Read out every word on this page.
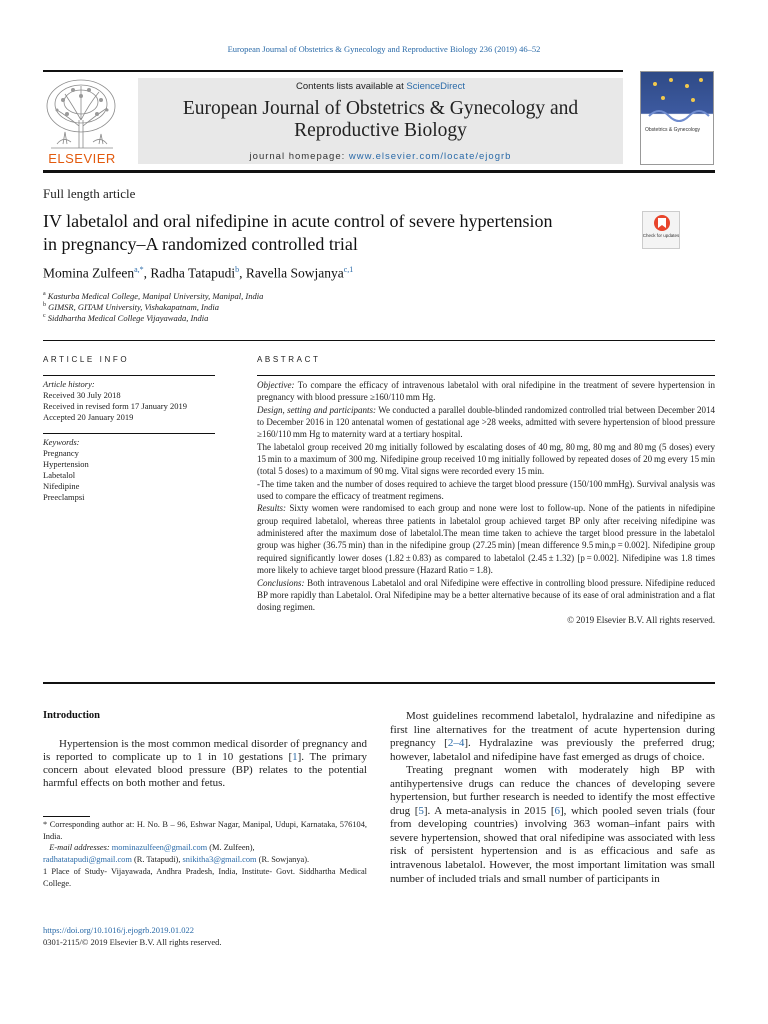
European Journal of Obstetrics & Gynecology and Reproductive Biology 236 (2019) 46–52
ELSEVIER
Contents lists available at ScienceDirect
European Journal of Obstetrics & Gynecology and
Reproductive Biology
journal homepage: www.elsevier.com/locate/ejogrb
Obstetrics & Gynecology
Full length article
IV labetalol and oral nifedipine in acute control of severe hypertension
in pregnancy–A randomized controlled trial	Check for updates
Momina Zulfeen$^{a,*}$, Radha Tatapudi$^b$, Ravella Sowjanya$^{c,1}$
$^a$ Kasturba Medical College, Manipal University, Manipal, India
$^b$ GIMSR, GITAM University, Vishakapatnam, India
$^c$ Siddhartha Medical College Vijayawada, India
ARTICLE INFO
Article history:
Received 30 July 2018
Received in revised form 17 January 2019
Accepted 20 January 2019
Keywords:
Pregnancy
Hypertension
Labetalol
Nifedipine
Preeclampsi
ABSTRACT

Objective: To compare the efficacy of intravenous labetalol with oral nifedipine in the treatment of severe hypertension in pregnancy with blood pressure ≥160/110 mm Hg.
Design, setting and participants: We conducted a parallel double-blinded randomized controlled trial between December 2014 to December 2016 in 120 antenatal women of gestational age >28 weeks, admitted with severe hypertension of blood pressure ≥160/110 mm Hg to maternity ward at a tertiary hospital.

The labetalol group received 20 mg initially followed by escalating doses of 40 mg, 80 mg, 80 mg and 80 mg (5 doses) every 15 min to a maximum of 300 mg. Nifedipine group received 10 mg initially followed by repeated doses of 20 mg every 15 min (total 5 doses) to a maximum of 90 mg. Vital signs were recorded every 15 min.

-The time taken and the number of doses required to achieve the target blood pressure (150/100 mmHg). Survival analysis was used to compare the efficacy of treatment regimens.

Results: Sixty women were randomised to each group and none were lost to follow-up. None of the patients in nifedipine group required labetalol, whereas three patients in labetalol group achieved target BP only after receiving nifedipine was administered after the maximum dose of labetalol.The mean time taken to achieve the target blood pressure in the labetalol group was higher (36.75 min) than in the nifedipine group (27.25 min) [mean difference 9.5 min,p = 0.002]. Nifedipine group required significantly lower doses (1.82 ± 0.83) as compared to labetalol (2.45 ± 1.32) [p = 0.002]. Nifedipine was 1.8 times more likely to achieve target blood pressure (Hazard Ratio = 1.8).
Conclusions: Both intravenous Labetalol and oral Nifedipine were effective in controlling blood pressure. Nifedipine reduced BP more rapidly than Labetalol. Oral Nifedipine may be a better alternative because of its ease of oral administration and a flat dosing regimen.

© 2019 Elsevier B.V. All rights reserved.

Introduction
Hypertension is the most common medical disorder of pregnancy and is reported to complicate up to 1 in 10 gestations [1]. The primary concern about elevated blood pressure (BP) relates to the potential harmful effects on both mother and fetus.
* Corresponding author at: H. No. B – 96, Eshwar Nagar, Manipal, Udupi, Karnataka, 576104, India.
E-mail addresses: mominazulfeen@gmail.com (M. Zulfeen),
radhatatapudi@gmail.com (R. Tatapudi), snikitha3@gmail.com (R. Sowjanya).
1 Place of Study- Vijayawada, Andhra Pradesh, India, Institute- Govt. Siddhartha Medical College.
https://doi.org/10.1016/j.ejogrb.2019.01.022
0301-2115/© 2019 Elsevier B.V. All rights reserved.

Most guidelines recommend labetalol, hydralazine and nifedipine as first line alternatives for the treatment of acute hypertension during pregnancy [2–4]. Hydralazine was previously the preferred drug; however, labetalol and nifedipine have fast emerged as drugs of choice.

Treating pregnant women with moderately high BP with antihypertensive drugs can reduce the chances of developing severe hypertension, but further research is needed to identify the most effective drug [5]. A meta-analysis in 2015 [6], which pooled seven trials (four from developing countries) involving 363 woman–infant pairs with severe hypertension, showed that oral nifedipine was associated with less risk of persistent hypertension and is as efficacious and safe as intravenous labetalol. However, the most important limitation was small number of included trials and small number of participants in
